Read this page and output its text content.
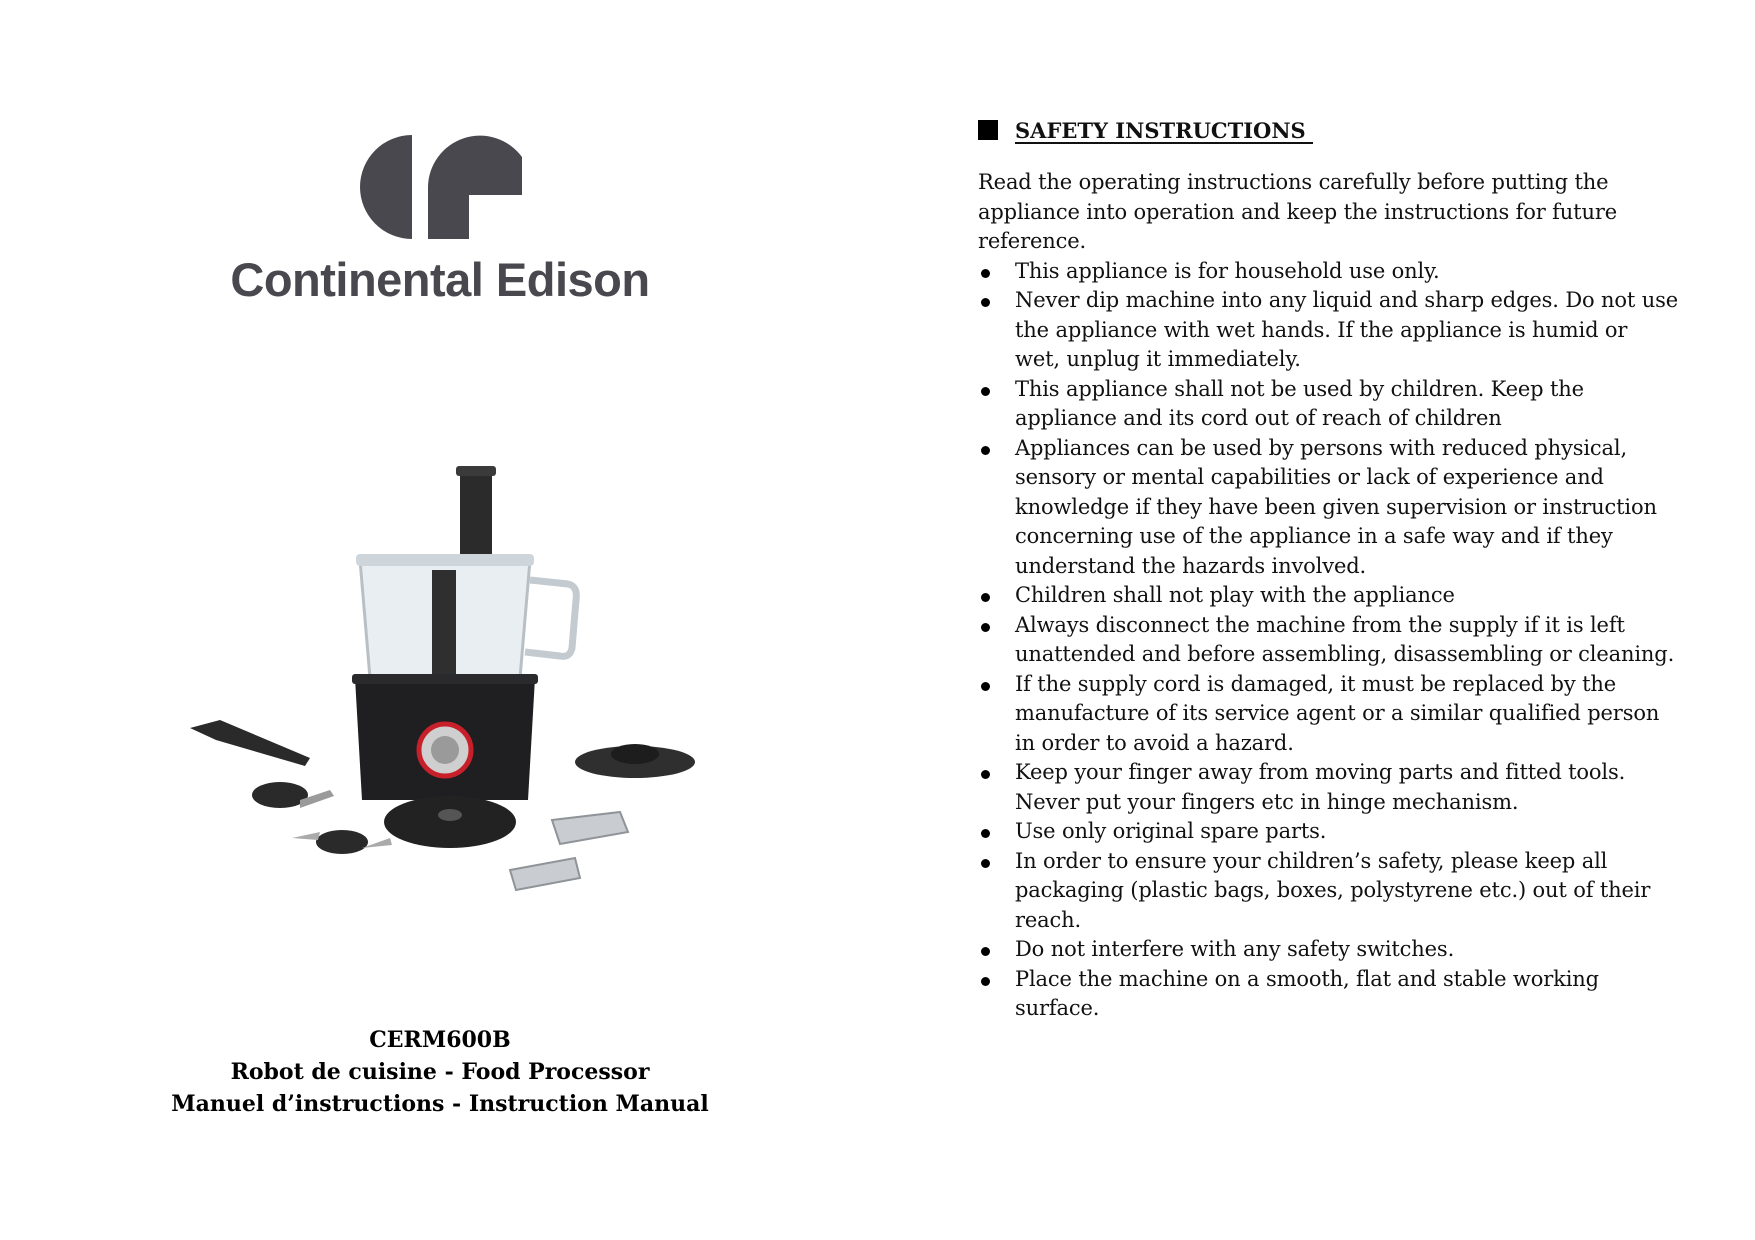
Continental Edison
CERM600B
Robot de cuisine - Food Processor
Manuel d’instructions - Instruction Manual
SAFETY INSTRUCTIONS

Read the operating instructions carefully before putting the appliance into operation and keep the instructions for future reference.

This appliance is for household use only.
Never dip machine into any liquid and sharp edges. Do not use the appliance with wet hands. If the appliance is humid or wet, unplug it immediately.
This appliance shall not be used by children. Keep the appliance and its cord out of reach of children
Appliances can be used by persons with reduced physical, sensory or mental capabilities or lack of experience and knowledge if they have been given supervision or instruction concerning use of the appliance in a safe way and if they understand the hazards involved.
Children shall not play with the appliance
Always disconnect the machine from the supply if it is left unattended and before assembling, disassembling or cleaning.
If the supply cord is damaged, it must be replaced by the manufacture of its service agent or a similar qualified person in order to avoid a hazard.
Keep your finger away from moving parts and fitted tools. Never put your fingers etc in hinge mechanism.
Use only original spare parts.
In order to ensure your children’s safety, please keep all packaging (plastic bags, boxes, polystyrene etc.) out of their reach.
Do not interfere with any safety switches.
Place the machine on a smooth, flat and stable working surface.
